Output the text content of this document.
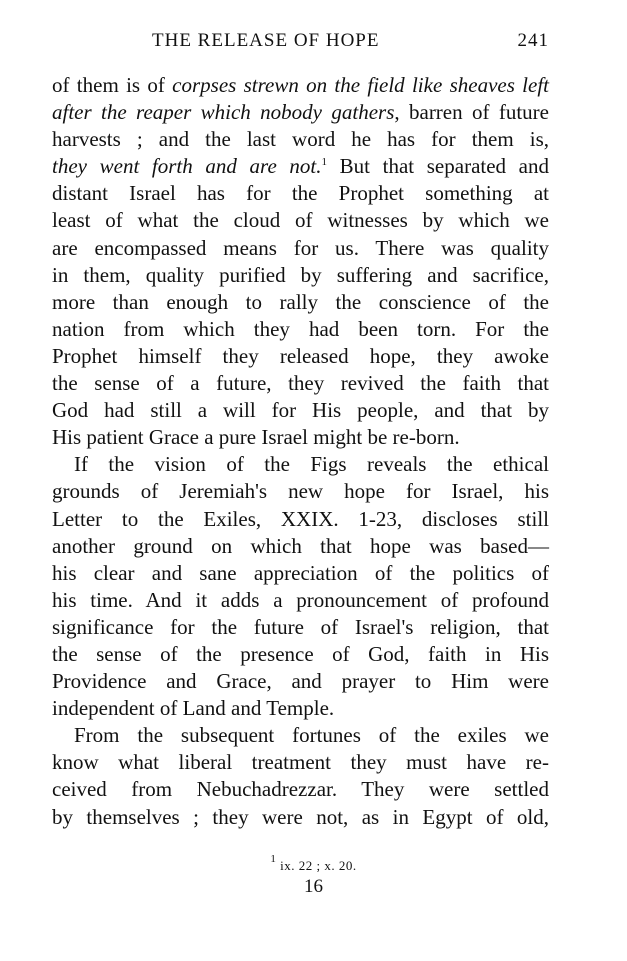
THE RELEASE OF HOPE	241
of them is of corpses strewn on the field like sheaves left
after the reaper which nobody gathers, barren of future
harvests ; and the last word he has for them is,
they went forth and are not.$^1$ But that separated and
distant Israel has for the Prophet something at
least of what the cloud of witnesses by which we
are encompassed means for us. There was quality
in them, quality purified by suffering and sacrifice,
more than enough to rally the conscience of the
nation from which they had been torn. For the
Prophet himself they released hope, they awoke
the sense of a future, they revived the faith that
God had still a will for His people, and that by
His patient Grace a pure Israel might be re-born.
If the vision of the Figs reveals the ethical
grounds of Jeremiah's new hope for Israel, his
Letter to the Exiles, XXIX. 1-23, discloses still
another ground on which that hope was based—
his clear and sane appreciation of the politics of
his time. And it adds a pronouncement of profound
significance for the future of Israel's religion, that
the sense of the presence of God, faith in His
Providence and Grace, and prayer to Him were
independent of Land and Temple.
From the subsequent fortunes of the exiles we
know what liberal treatment they must have re-
ceived from Nebuchadrezzar. They were settled
by themselves ; they were not, as in Egypt of old,
$^1$ ix. 22 ; x. 20.
16
